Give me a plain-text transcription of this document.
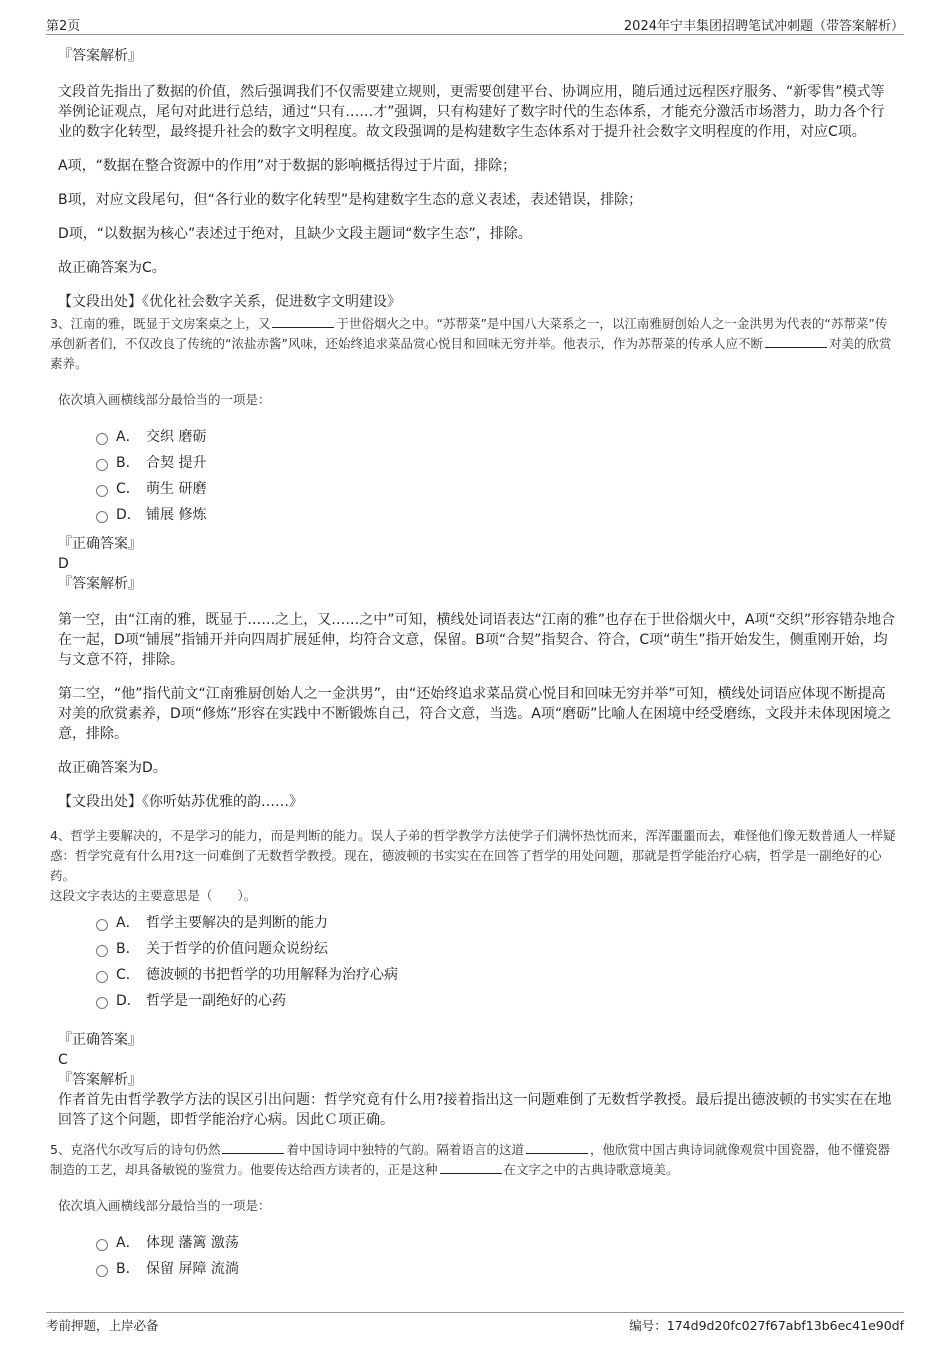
第2页	2024年宁丰集团招聘笔试冲刺题（带答案解析）
『答案解析』

文段首先指出了数据的价值，然后强调我们不仅需要建立规则，更需要创建平台、协调应用，随后通过远程医疗服务、“新零售”模式等举例论证观点，尾句对此进行总结，通过“只有……才”强调，只有构建好了数字时代的生态体系，才能充分激活市场潜力，助力各个行业的数字化转型，最终提升社会的数字文明程度。故文段强调的是构建数字生态体系对于提升社会数字文明程度的作用，对应C项。

A项，“数据在整合资源中的作用”对于数据的影响概括得过于片面，排除；

B项，对应文段尾句，但“各行业的数字化转型”是构建数字生态的意义表述，表述错误，排除；

D项，“以数据为核心”表述过于绝对，且缺少文段主题词“数字生态”，排除。

故正确答案为C。

【文段出处】《优化社会数字关系，促进数字文明建设》

3、江南的雅，既显于文房案桌之上，又	于世俗烟火之中。“苏帮菜”是中国八大菜系之一，以江南雅厨创始人之一金洪男为代表的“苏帮菜”传承创新者们，不仅改良了传统的“浓盐赤酱”风味，还始终追求菜品赏心悦目和回味无穷并举。他表示，作为苏帮菜的传承人应不断	对美的欣赏素养。

依次填入画横线部分最恰当的一项是：

A． 交织 磨砺
B． 合契 提升
C． 萌生 研磨
D． 铺展 修炼
『正确答案』
D
『答案解析』

第一空，由“江南的雅，既显于……之上，又……之中”可知，横线处词语表达“江南的雅”也存在于世俗烟火中，A项“交织”形容错杂地合在一起，D项“铺展”指铺开并向四周扩展延伸，均符合文意，保留。B项“合契”指契合、符合，C项“萌生”指开始发生，侧重刚开始，均与文意不符，排除。

第二空，“他”指代前文“江南雅厨创始人之一金洪男”，由“还始终追求菜品赏心悦目和回味无穷并举”可知，横线处词语应体现不断提高对美的欣赏素养，D项“修炼”形容在实践中不断锻炼自己，符合文意，当选。A项“磨砺”比喻人在困境中经受磨练，文段并未体现困境之意，排除。

故正确答案为D。

【文段出处】《你听姑苏优雅的韵……》

4、哲学主要解决的，不是学习的能力，而是判断的能力。误人子弟的哲学教学方法使学子们满怀热忱而来，浑浑噩噩而去，难怪他们像无数普通人一样疑惑：哲学究竟有什么用?这一问难倒了无数哲学教授。现在，德波顿的书实实在在回答了哲学的用处问题，那就是哲学能治疗心病，哲学是一副绝好的心药。

这段文字表达的主要意思是（　　）。

A． 哲学主要解决的是判断的能力
B． 关于哲学的价值问题众说纷纭
C． 德波顿的书把哲学的功用解释为治疗心病
D． 哲学是一副绝好的心药
『正确答案』
C
『答案解析』

作者首先由哲学教学方法的误区引出问题：哲学究竟有什么用?接着指出这一问题难倒了无数哲学教授。最后提出德波顿的书实实在在地回答了这个问题，即哲学能治疗心病。因此Ｃ项正确。

5、克洛代尔改写后的诗句仍然	着中国诗词中独特的气韵。隔着语言的这道	，他欣赏中国古典诗词就像观赏中国瓷器，他不懂瓷器制造的工艺，却具备敏锐的鉴赏力。他要传达给西方读者的，正是这种	在文字之中的古典诗歌意境美。

依次填入画横线部分最恰当的一项是：

A． 体现 藩篱 激荡
B． 保留 屏障 流淌
考前押题，上岸必备	编号：174d9d20fc027f67abf13b6ec41e90df
